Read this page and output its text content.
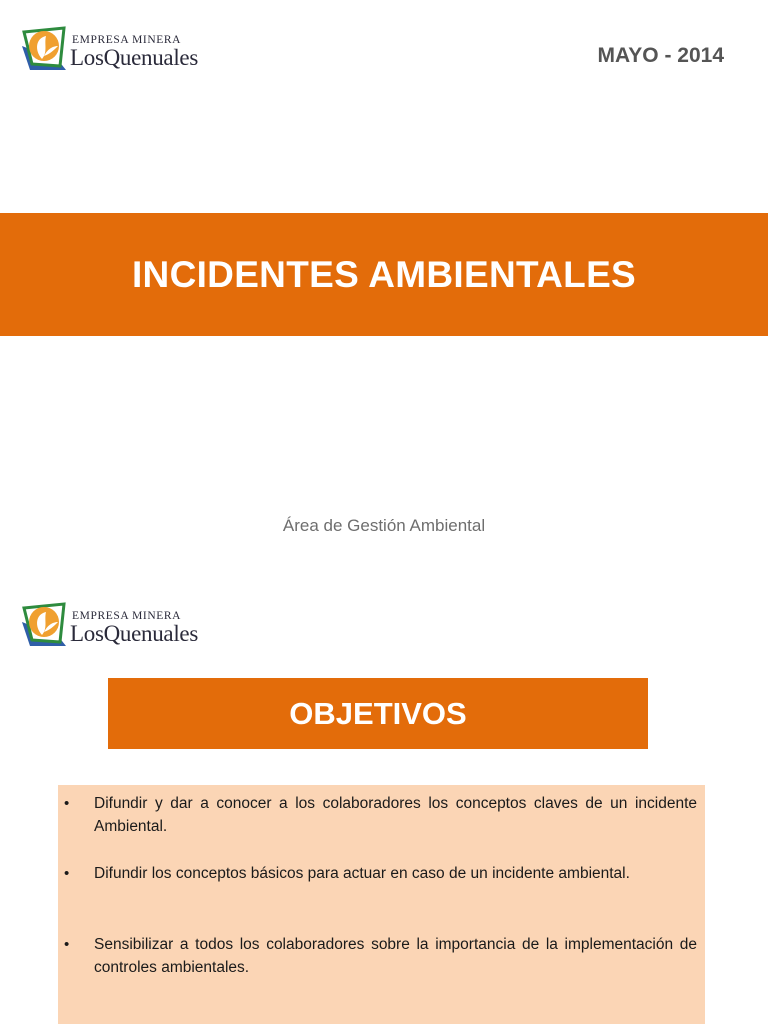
EMPRESA MINERA
LosQuenuales	MAYO - 2014
INCIDENTES AMBIENTALES
Área de Gestión Ambiental
EMPRESA MINERA
LosQuenuales
OBJETIVOS
• Difundir y dar a conocer a los colaboradores los conceptos claves de un incidente Ambiental.
• Difundir los conceptos básicos para actuar en caso de un incidente ambiental.
• Sensibilizar a todos los colaboradores sobre la importancia de la implementación de controles ambientales.
